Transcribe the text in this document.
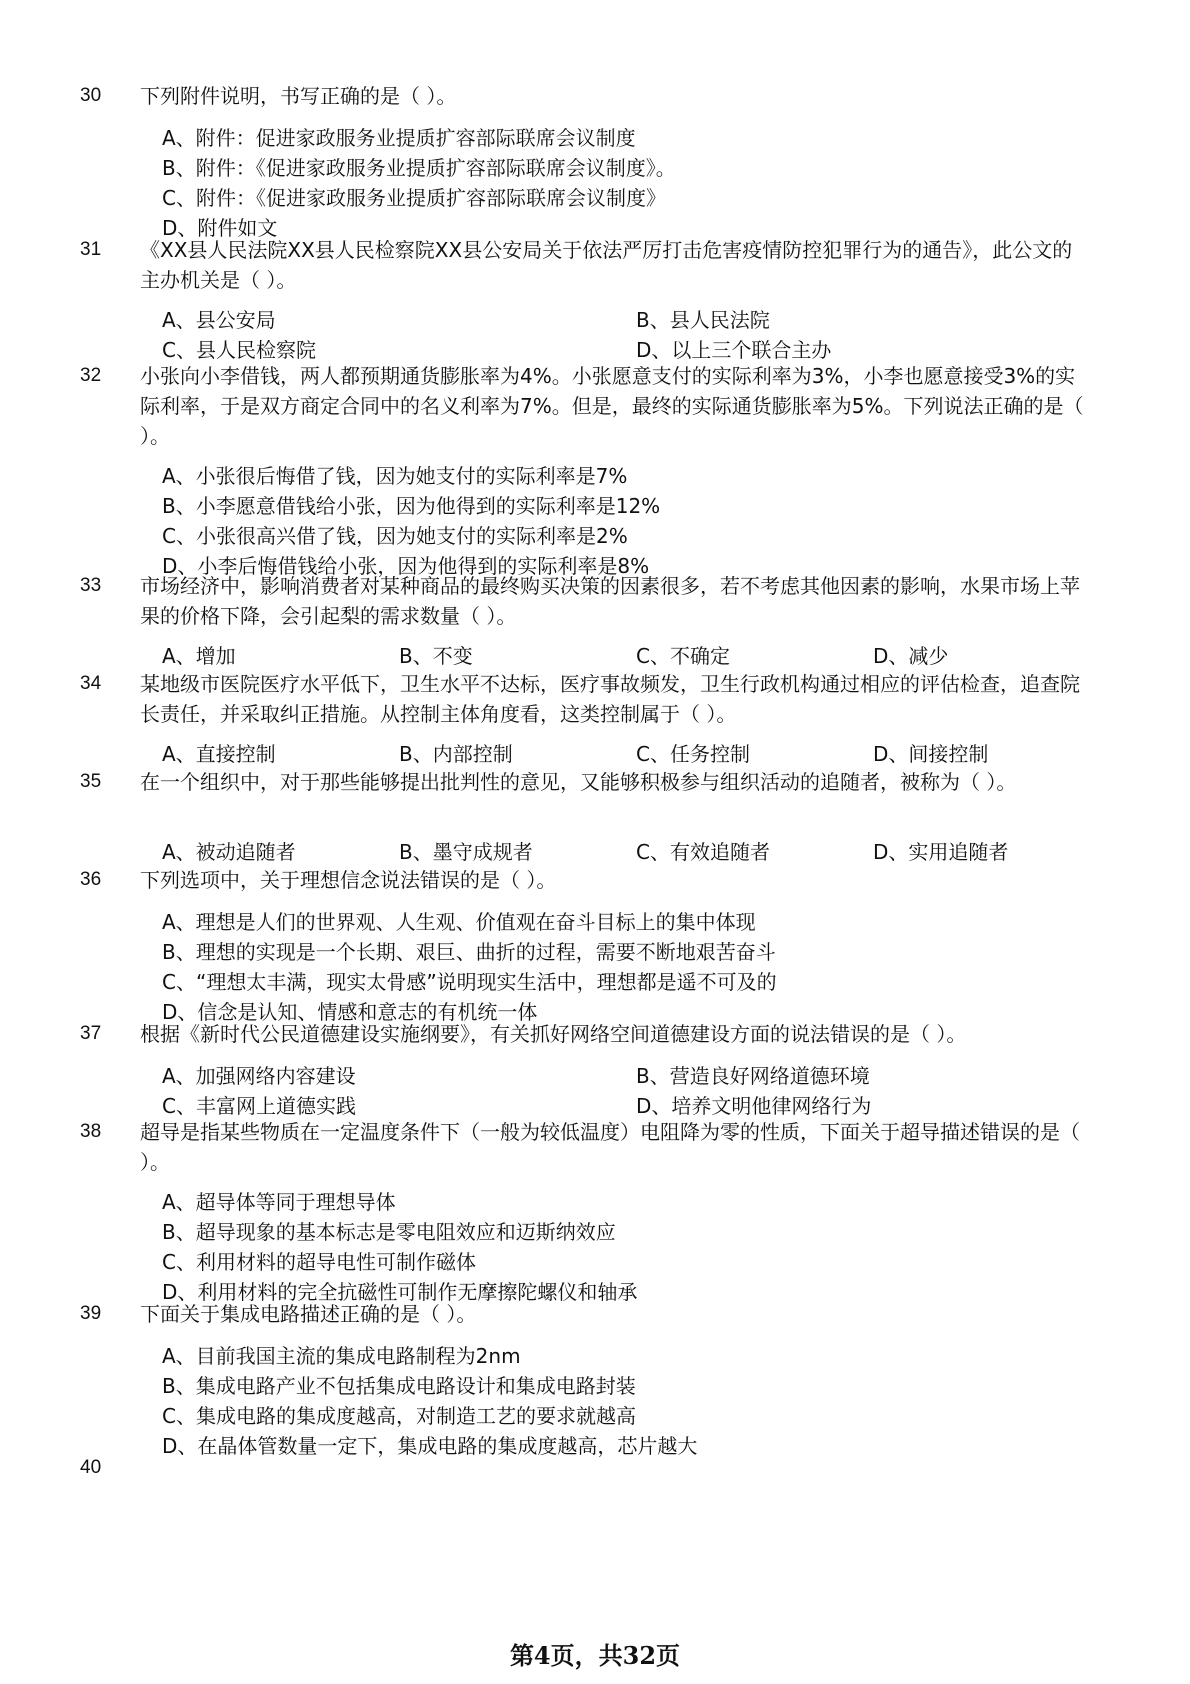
30 下列附件说明，书写正确的是（ ）。
A、附件：促进家政服务业提质扩容部际联席会议制度
B、附件：《促进家政服务业提质扩容部际联席会议制度》。
C、附件：《促进家政服务业提质扩容部际联席会议制度》
D、附件如文
31 《XX县人民法院XX县人民检察院XX县公安局关于依法严厉打击危害疫情防控犯罪行为的通告》，此公文的主办机关是（ ）。
A、县公安局	B、县人民法院
C、县人民检察院	D、以上三个联合主办
32 小张向小李借钱，两人都预期通货膨胀率为4%。小张愿意支付的实际利率为3%，小李也愿意接受3%的实际利率，于是双方商定合同中的名义利率为7%。但是，最终的实际通货膨胀率为5%。下列说法正确的是（ ）。
A、小张很后悔借了钱，因为她支付的实际利率是7%
B、小李愿意借钱给小张，因为他得到的实际利率是12%
C、小张很高兴借了钱，因为她支付的实际利率是2%
D、小李后悔借钱给小张，因为他得到的实际利率是8%
33 市场经济中，影响消费者对某种商品的最终购买决策的因素很多，若不考虑其他因素的影响，水果市场上苹果的价格下降，会引起梨的需求数量（ ）。
A、增加	B、不变	C、不确定	D、减少
34 某地级市医院医疗水平低下，卫生水平不达标，医疗事故频发，卫生行政机构通过相应的评估检查，追查院长责任，并采取纠正措施。从控制主体角度看，这类控制属于（ ）。
A、直接控制	B、内部控制	C、任务控制	D、间接控制
35 在一个组织中，对于那些能够提出批判性的意见，又能够积极参与组织活动的追随者，被称为（ ）。
A、被动追随者	B、墨守成规者	C、有效追随者	D、实用追随者
36 下列选项中，关于理想信念说法错误的是（ ）。
A、理想是人们的世界观、人生观、价值观在奋斗目标上的集中体现
B、理想的实现是一个长期、艰巨、曲折的过程，需要不断地艰苦奋斗
C、“理想太丰满，现实太骨感”说明现实生活中，理想都是遥不可及的
D、信念是认知、情感和意志的有机统一体
37 根据《新时代公民道德建设实施纲要》，有关抓好网络空间道德建设方面的说法错误的是（ ）。
A、加强网络内容建设	B、营造良好网络道德环境
C、丰富网上道德实践	D、培养文明他律网络行为
38 超导是指某些物质在一定温度条件下（一般为较低温度）电阻降为零的性质，下面关于超导描述错误的是（ ）。
A、超导体等同于理想导体
B、超导现象的基本标志是零电阻效应和迈斯纳效应
C、利用材料的超导电性可制作磁体
D、利用材料的完全抗磁性可制作无摩擦陀螺仪和轴承
39 下面关于集成电路描述正确的是（ ）。
A、目前我国主流的集成电路制程为2nm
B、集成电路产业不包括集成电路设计和集成电路封装
C、集成电路的集成度越高，对制造工艺的要求就越高
D、在晶体管数量一定下，集成电路的集成度越高，芯片越大
40
第4页，共32页
